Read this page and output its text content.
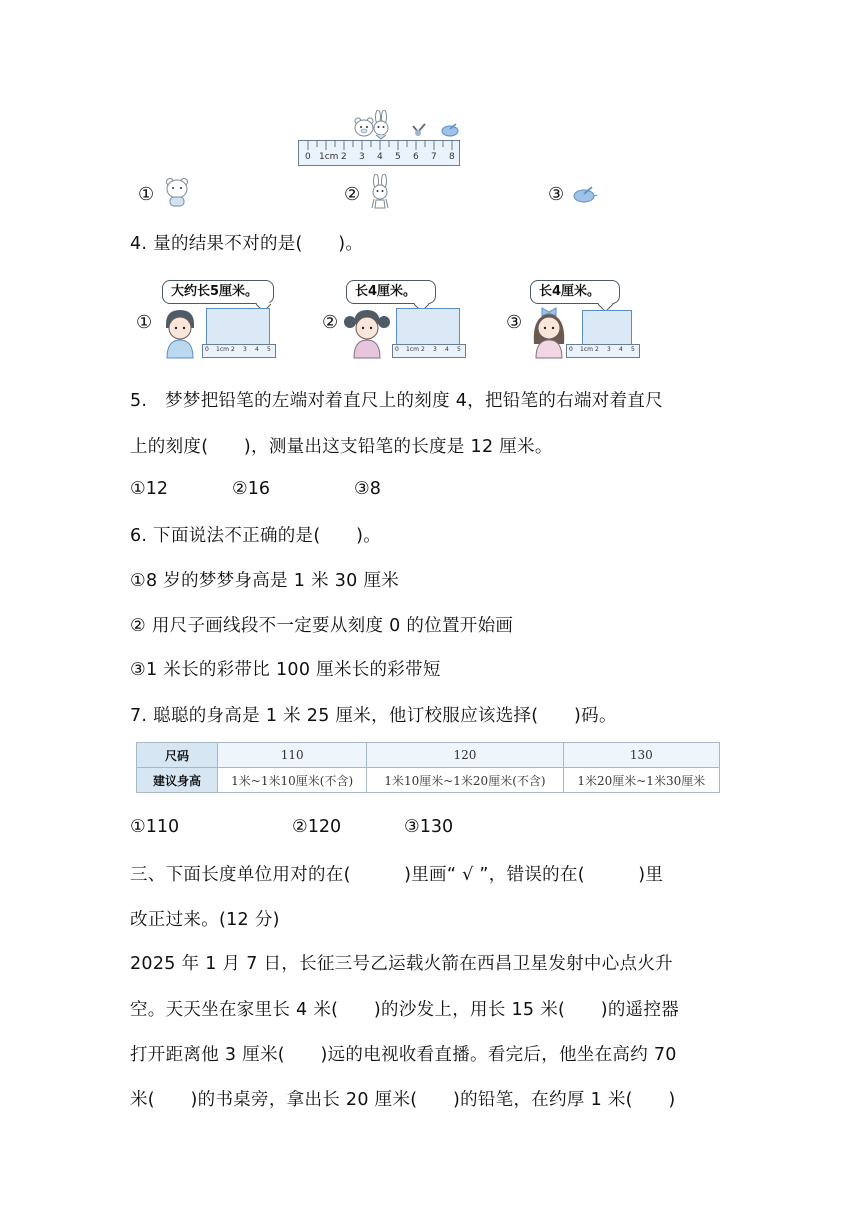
0 1cm 2 3 4 5 6 7 8
①	②	③
4. 量的结果不对的是(　　)。
①
大约长5厘米。
0 1cm 2 3 4 5
②
长4厘米。
0 1cm 2 3 4 5
③
长4厘米。
0 1cm 2 3 4 5
5.　梦梦把铅笔的左端对着直尺上的刻度 4，把铅笔的右端对着直尺
上的刻度(　　)，测量出这支铅笔的长度是 12 厘米。
①12	②16	③8
6. 下面说法不正确的是(　　)。
①8 岁的梦梦身高是 1 米 30 厘米
② 用尺子画线段不一定要从刻度 0 的位置开始画
③1 米长的彩带比 100 厘米长的彩带短
7. 聪聪的身高是 1 米 25 厘米，他订校服应该选择(　　)码。
尺码	110	120	130
建议身高	1米~1米10厘米(不含)	1米10厘米~1米20厘米(不含)	1米20厘米~1米30厘米
①110	②120	③130
三、下面长度单位用对的在(　　　)里画“ √ ”，错误的在(　　　)里
改正过来。(12 分)
2025 年 1 月 7 日，长征三号乙运载火箭在西昌卫星发射中心点火升
空。天天坐在家里长 4 米(　　)的沙发上，用长 15 米(　　)的遥控器
打开距离他 3 厘米(　　)远的电视收看直播。看完后，他坐在高约 70
米(　　)的书桌旁，拿出长 20 厘米(　　)的铅笔，在约厚 1 米(　　)
